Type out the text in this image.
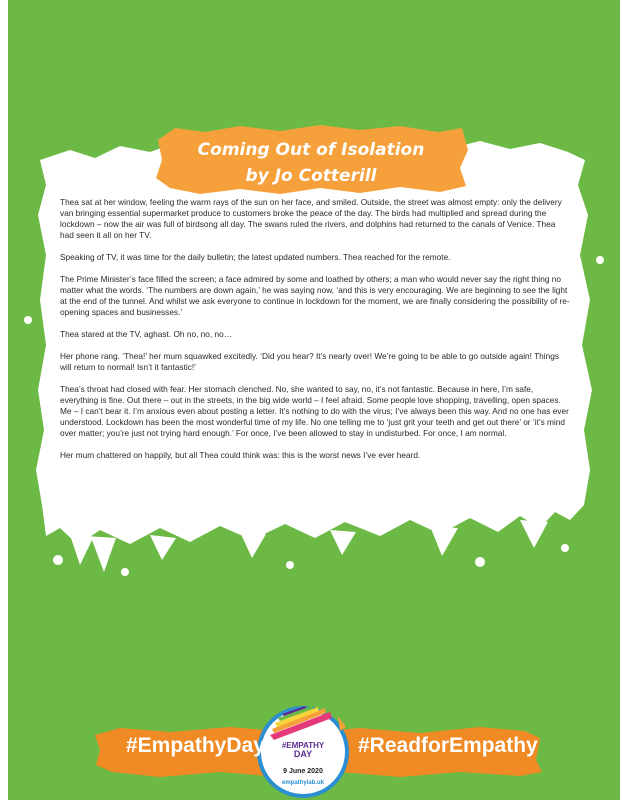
Coming Out of Isolation
by Jo Cotterill

Thea sat at her window, feeling the warm rays of the sun on her face, and smiled. Outside, the street was almost empty: only the delivery van bringing essential supermarket produce to customers broke the peace of the day. The birds had multiplied and spread during the lockdown – now the air was full of birdsong all day. The swans ruled the rivers, and dolphins had returned to the canals of Venice. Thea had seen it all on her TV.

Speaking of TV, it was time for the daily bulletin; the latest updated numbers. Thea reached for the remote.

The Prime Minister’s face filled the screen; a face admired by some and loathed by others; a man who would never say the right thing no matter what the words. ‘The numbers are down again,’ he was saying now, ‘and this is very encouraging. We are beginning to see the light at the end of the tunnel. And whilst we ask everyone to continue in lockdown for the moment, we are finally considering the possibility of re-opening spaces and businesses.’

Thea stared at the TV, aghast. Oh no, no, no…

Her phone rang. ‘Thea!’ her mum squawked excitedly. ‘Did you hear? It’s nearly over! We’re going to be able to go outside again! Things will return to normal! Isn’t it fantastic!’

Thea’s throat had closed with fear. Her stomach clenched. No, she wanted to say, no, it’s not fantastic. Because in here, I’m safe, everything is fine. Out there – out in the streets, in the big wide world – I feel afraid. Some people love shopping, travelling, open spaces. Me – I can’t bear it. I’m anxious even about posting a letter. It’s nothing to do with the virus; I’ve always been this way. And no one has ever understood. Lockdown has been the most wonderful time of my life. No one telling me to ‘just grit your teeth and get out there’ or ‘it’s mind over matter; you’re just not trying hard enough.’ For once, I’ve been allowed to stay in undisturbed. For once, I am normal.

Her mum chattered on happily, but all Thea could think was: this is the worst news I’ve ever heard.

#EmpathyDay	#ReadforEmpathy
#EMPATHY
DAY
9 June 2020
empathylab.uk
